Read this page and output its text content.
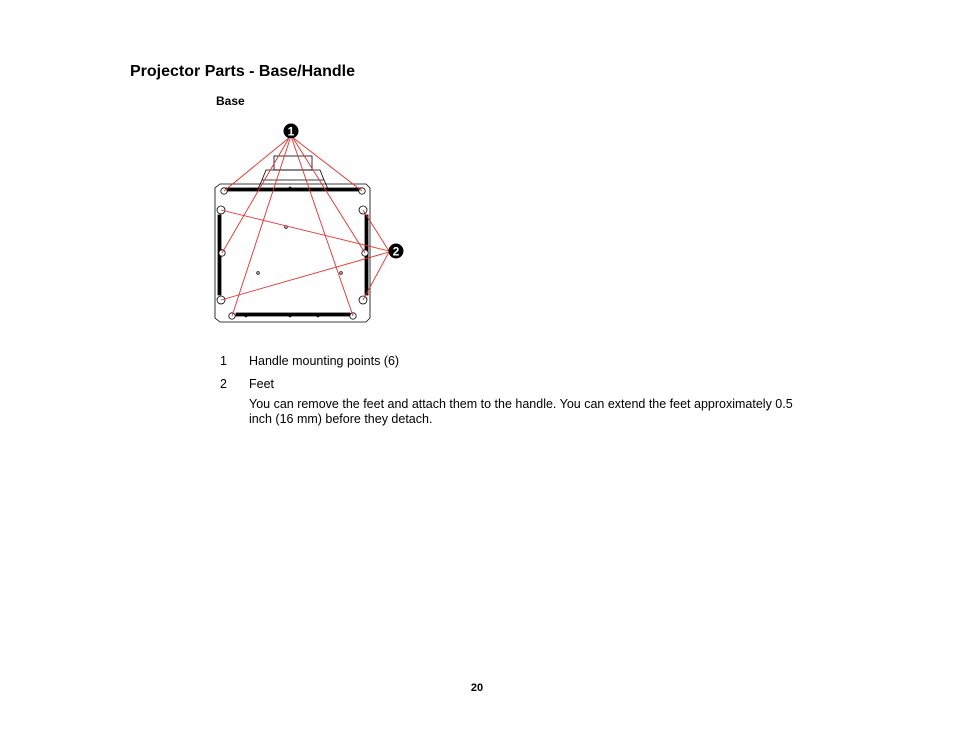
Projector Parts - Base/Handle
Base
1
2
1	Handle mounting points (6)
2	Feet
You can remove the feet and attach them to the handle. You can extend the feet approximately 0.5 inch (16 mm) before they detach.
20
